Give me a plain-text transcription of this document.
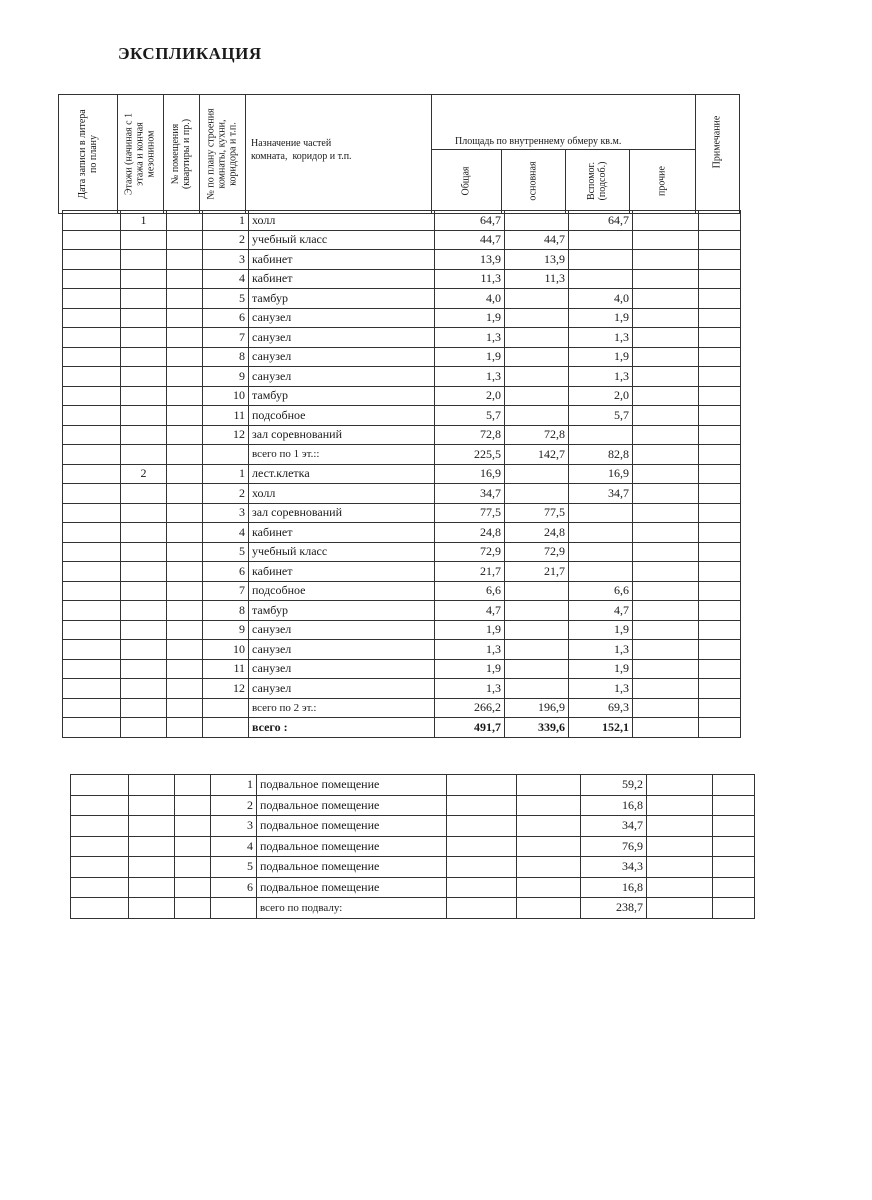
ЭКСПЛИКАЦИЯ
Дата записи в литера
по плану
Этажи (начиная с 1
этажа и кончая
мезонином
№ помещения
(квартиры и пр.)
№ по плану строения
комнаты, кухни,
коридора и т.п.
Назначение частей
комната,  коридор и т.п.
Площадь по внутреннему обмеру кв.м.
Общая	основная	Вспомог.
(подсоб.)	прочие
Примечание
	1		1	холл	64,7		64,7		
			2	учебный класс	44,7	44,7			
			3	кабинет	13,9	13,9			
			4	кабинет	11,3	11,3			
			5	тамбур	4,0		4,0		
			6	санузел	1,9		1,9		
			7	санузел	1,3		1,3		
			8	санузел	1,9		1,9		
			9	санузел	1,3		1,3		
			10	тамбур	2,0		2,0		
			11	подсобное	5,7		5,7		
			12	зал соревнований	72,8	72,8			
				всего по 1 эт.::	225,5	142,7	82,8		
	2		1	лест.клетка	16,9		16,9		
			2	холл	34,7		34,7		
			3	зал соревнований	77,5	77,5			
			4	кабинет	24,8	24,8			
			5	учебный класс	72,9	72,9			
			6	кабинет	21,7	21,7			
			7	подсобное	6,6		6,6		
			8	тамбур	4,7		4,7		
			9	санузел	1,9		1,9		
			10	санузел	1,3		1,3		
			11	санузел	1,9		1,9		
			12	санузел	1,3		1,3		
				всего по 2 эт.:	266,2	196,9	69,3		
				всего :	491,7	339,6	152,1		
			1	подвальное помещение			59,2		
			2	подвальное помещение			16,8		
			3	подвальное помещение			34,7		
			4	подвальное помещение			76,9		
			5	подвальное помещение			34,3		
			6	подвальное помещение			16,8		
				всего по подвалу:			238,7		
